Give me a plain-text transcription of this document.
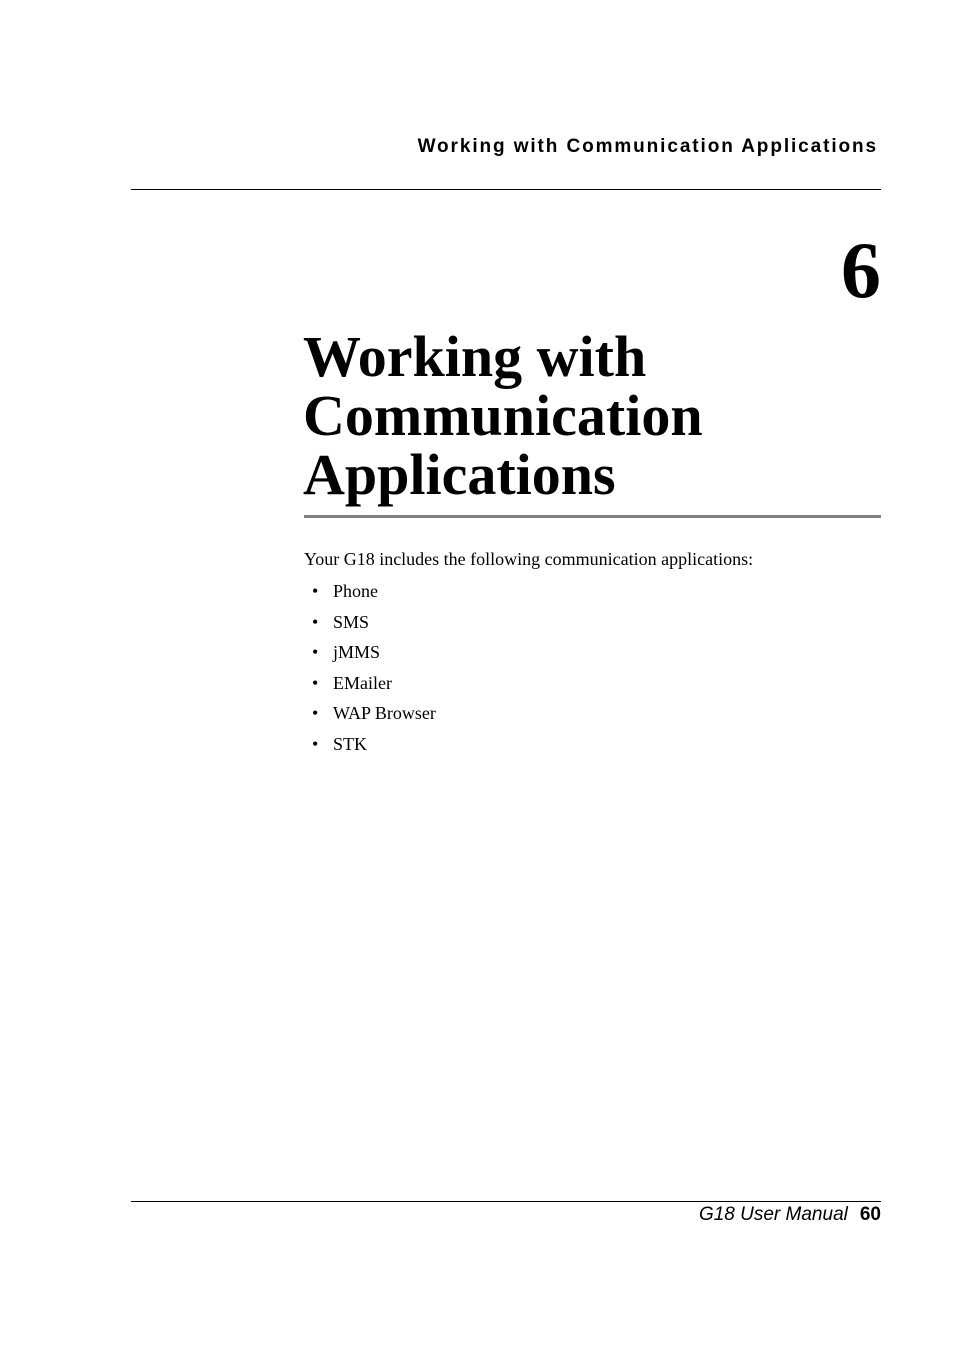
Working with Communication Applications
6
Working with
Communication
Applications

Your G18 includes the following communication applications:

• Phone
• SMS
• jMMS
• EMailer
• WAP Browser
• STK
G18 User Manual 60
